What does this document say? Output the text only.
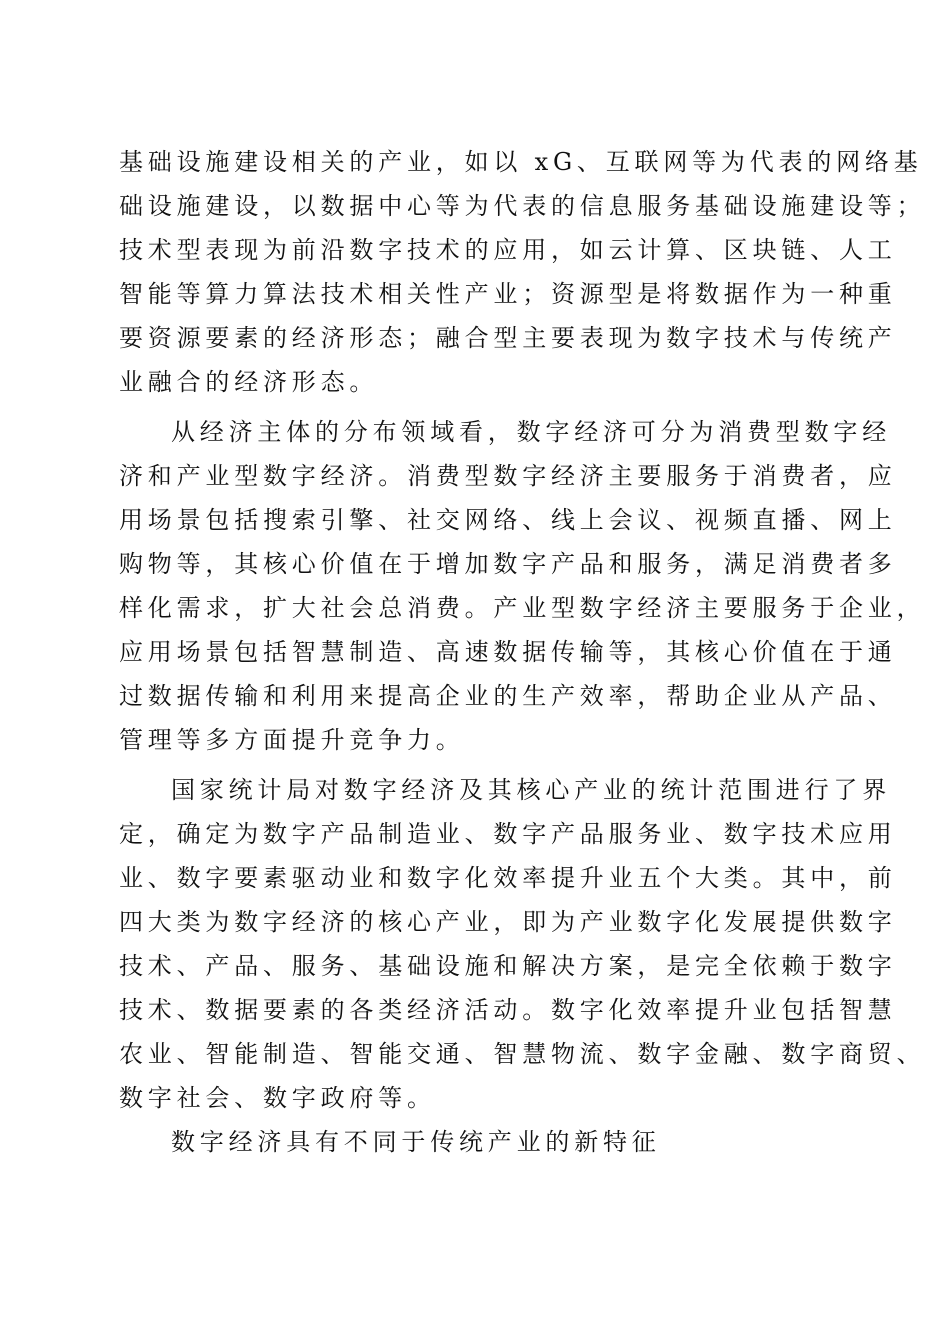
基础设施建设相关的产业，如以 xG、互联网等为代表的网络基
础设施建设，以数据中心等为代表的信息服务基础设施建设等；
技术型表现为前沿数字技术的应用，如云计算、区块链、人工
智能等算力算法技术相关性产业；资源型是将数据作为一种重
要资源要素的经济形态；融合型主要表现为数字技术与传统产
业融合的经济形态。
从经济主体的分布领域看，数字经济可分为消费型数字经
济和产业型数字经济。消费型数字经济主要服务于消费者，应
用场景包括搜索引擎、社交网络、线上会议、视频直播、网上
购物等，其核心价值在于增加数字产品和服务，满足消费者多
样化需求，扩大社会总消费。产业型数字经济主要服务于企业，
应用场景包括智慧制造、高速数据传输等，其核心价值在于通
过数据传输和利用来提高企业的生产效率，帮助企业从产品、
管理等多方面提升竞争力。
国家统计局对数字经济及其核心产业的统计范围进行了界
定，确定为数字产品制造业、数字产品服务业、数字技术应用
业、数字要素驱动业和数字化效率提升业五个大类。其中，前
四大类为数字经济的核心产业，即为产业数字化发展提供数字
技术、产品、服务、基础设施和解决方案，是完全依赖于数字
技术、数据要素的各类经济活动。数字化效率提升业包括智慧
农业、智能制造、智能交通、智慧物流、数字金融、数字商贸、
数字社会、数字政府等。
数字经济具有不同于传统产业的新特征
